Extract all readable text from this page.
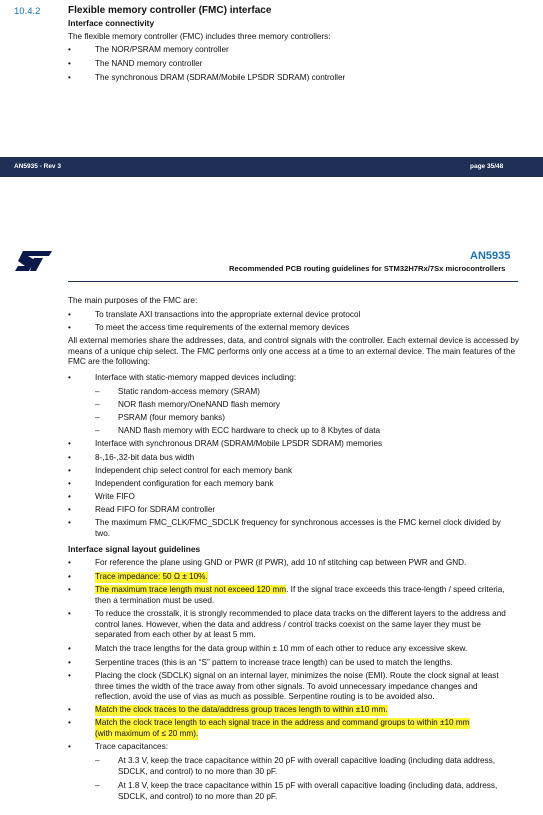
10.4.2	Flexible memory controller (FMC) interface
Interface connectivity
The flexible memory controller (FMC) includes three memory controllers:
•	The NOR/PSRAM memory controller
•	The NAND memory controller
•	The synchronous DRAM (SDRAM/Mobile LPSDR SDRAM) controller
AN5935 - Rev 3	page 35/48
AN5935
Recommended PCB routing guidelines for STM32H7Rx/7Sx microcontrollers
The main purposes of the FMC are:
•	To translate AXI transactions into the appropriate external device protocol
•	To meet the access time requirements of the external memory devices
All external memories share the addresses, data, and control signals with the controller. Each external device is accessed by means of a unique chip select. The FMC performs only one access at a time to an external device. The main features of the FMC are the following:
•	Interface with static-memory mapped devices including:
– Static random-access memory (SRAM)
– NOR flash memory/OneNAND flash memory
– PSRAM (four memory banks)
– NAND flash memory with ECC hardware to check up to 8 Kbytes of data
•	Interface with synchronous DRAM (SDRAM/Mobile LPSDR SDRAM) memories
•	8-,16-,32-bit data bus width
•	Independent chip select control for each memory bank
•	Independent configuration for each memory bank
•	Write FIFO
•	Read FIFO for SDRAM controller
•	The maximum FMC_CLK/FMC_SDCLK frequency for synchronous accesses is the FMC kernel clock divided by two.
Interface signal layout guidelines
•	For reference the plane using GND or PWR (if PWR), add 10 nf stitching cap between PWR and GND.
•	Trace impedance: 50 Ω ± 10%.
•	The maximum trace length must not exceed 120 mm. If the signal trace exceeds this trace-length / speed criteria, then a termination must be used.
•	To reduce the crosstalk, it is strongly recommended to place data tracks on the different layers to the address and control lanes. However, when the data and address / control tracks coexist on the same layer they must be separated from each other by at least 5 mm.
•	Match the trace lengths for the data group within ± 10 mm of each other to reduce any excessive skew.
•	Serpentine traces (this is an “S” pattern to increase trace length) can be used to match the lengths.
•	Placing the clock (SDCLK) signal on an internal layer, minimizes the noise (EMI). Route the clock signal at least three times the width of the trace away from other signals. To avoid unnecessary impedance changes and reflection, avoid the use of vias as much as possible. Serpentine routing is to be avoided also.
•	Match the clock traces to the data/address group traces length to within ±10 mm.
•	Match the clock trace length to each signal trace in the address and command groups to within ±10 mm
(with maximum of ≤ 20 mm).
•	Trace capacitances:
– At 3.3 V, keep the trace capacitance within 20 pF with overall capacitive loading (including data address, SDCLK, and control) to no more than 30 pF.
– At 1.8 V, keep the trace capacitance within 15 pF with overall capacitive loading (including data, address, SDCLK, and control) to no more than 20 pF.
